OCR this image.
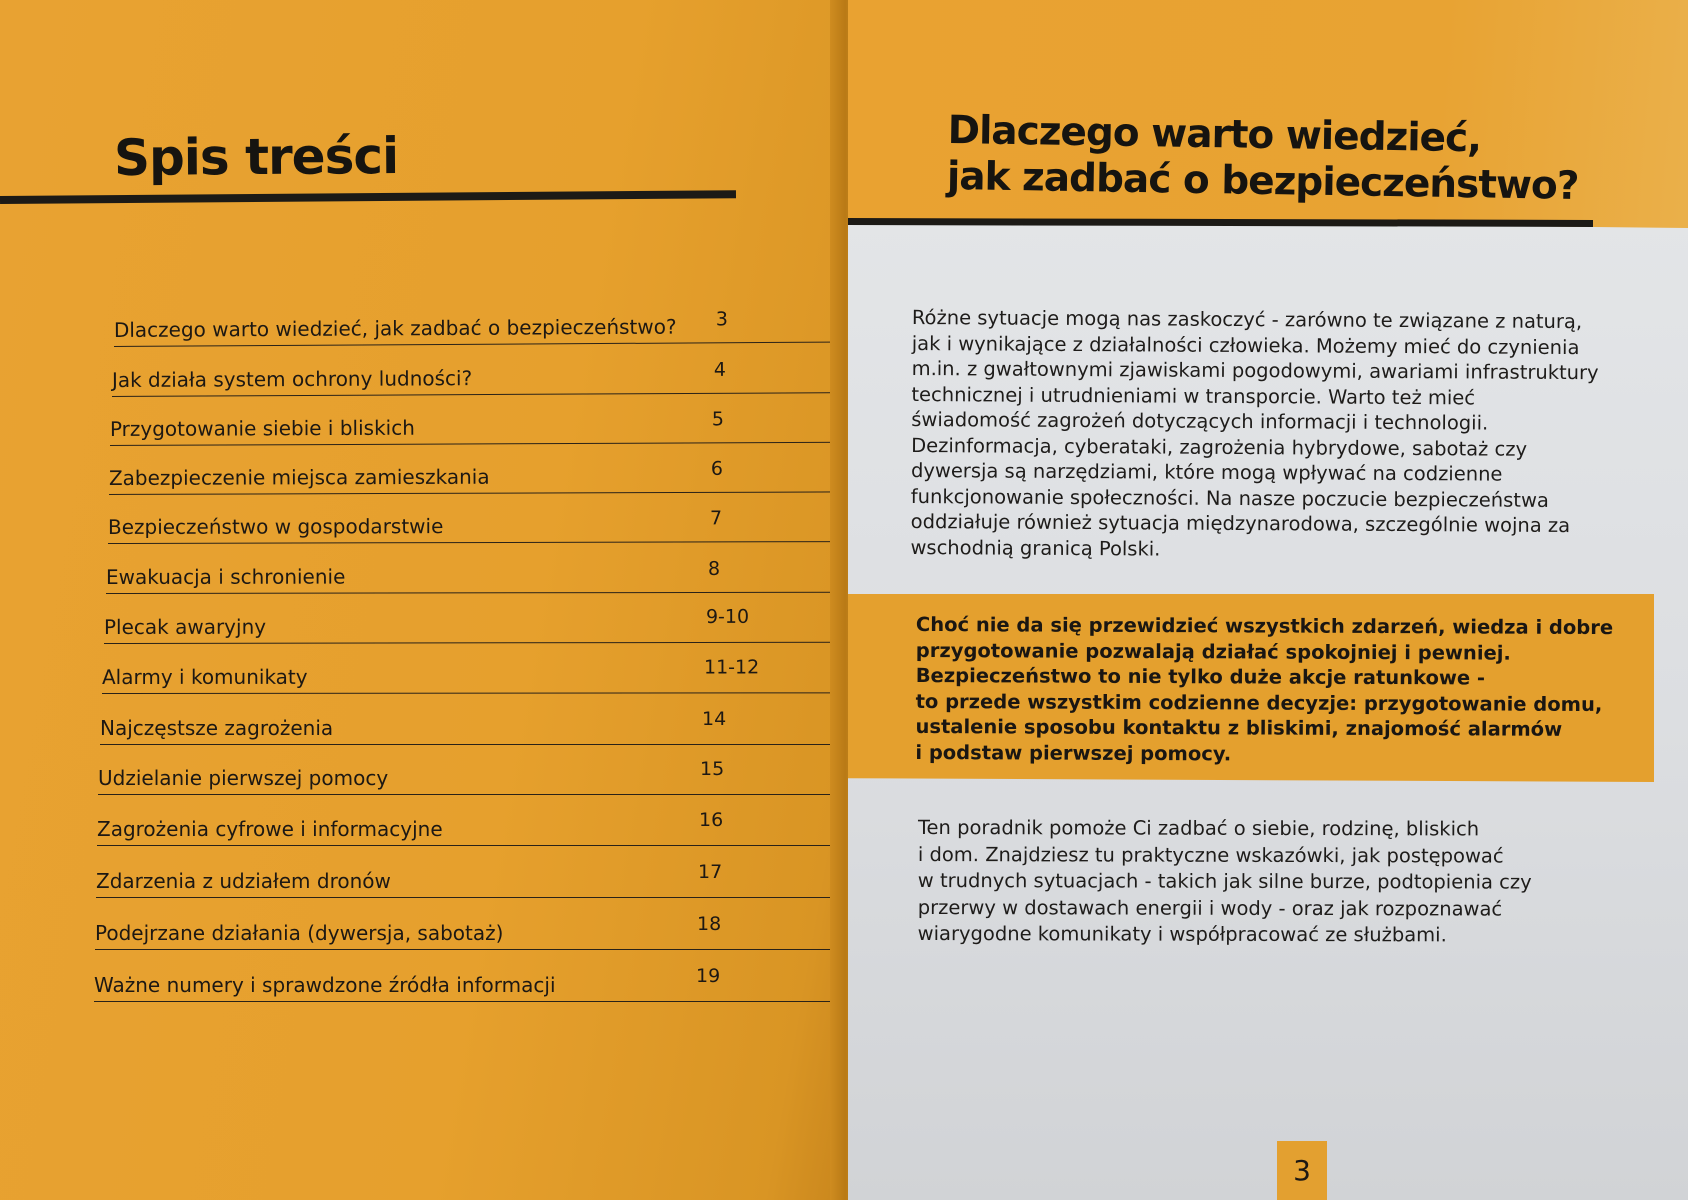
Spis treści
Dlaczego warto wiedzieć, jak zadbać o bezpieczeństwo? 3
Jak działa system ochrony ludności?	4
Przygotowanie siebie i bliskich	5
Zabezpieczenie miejsca zamieszkania	6
Bezpieczeństwo w gospodarstwie	7
Ewakuacja i schronienie	8
Plecak awaryjny	9-10
Alarmy i komunikaty	11-12
Najczęstsze zagrożenia	14
Udzielanie pierwszej pomocy	15
Zagrożenia cyfrowe i informacyjne	16
Zdarzenia z udziałem dronów	17
Podejrzane działania (dywersja, sabotaż)	18
Ważne numery i sprawdzone źródła informacji	19
Dlaczego warto wiedzieć,
jak zadbać o bezpieczeństwo?

Różne sytuacje mogą nas zaskoczyć - zarówno te związane z naturą,
jak i wynikające z działalności człowieka. Możemy mieć do czynienia
m.in. z gwałtownymi zjawiskami pogodowymi, awariami infrastruktury
technicznej i utrudnieniami w transporcie. Warto też mieć
świadomość zagrożeń dotyczących informacji i technologii.
Dezinformacja, cyberataki, zagrożenia hybrydowe, sabotaż czy
dywersja są narzędziami, które mogą wpływać na codzienne
funkcjonowanie społeczności. Na nasze poczucie bezpieczeństwa
oddziałuje również sytuacja międzynarodowa, szczególnie wojna za
wschodnią granicą Polski.

Choć nie da się przewidzieć wszystkich zdarzeń, wiedza i dobre
przygotowanie pozwalają działać spokojniej i pewniej.
Bezpieczeństwo to nie tylko duże akcje ratunkowe -
to przede wszystkim codzienne decyzje: przygotowanie domu,
ustalenie sposobu kontaktu z bliskimi, znajomość alarmów
i podstaw pierwszej pomocy.

Ten poradnik pomoże Ci zadbać o siebie, rodzinę, bliskich
i dom. Znajdziesz tu praktyczne wskazówki, jak postępować
w trudnych sytuacjach - takich jak silne burze, podtopienia czy
przerwy w dostawach energii i wody - oraz jak rozpoznawać
wiarygodne komunikaty i współpracować ze służbami.

3
